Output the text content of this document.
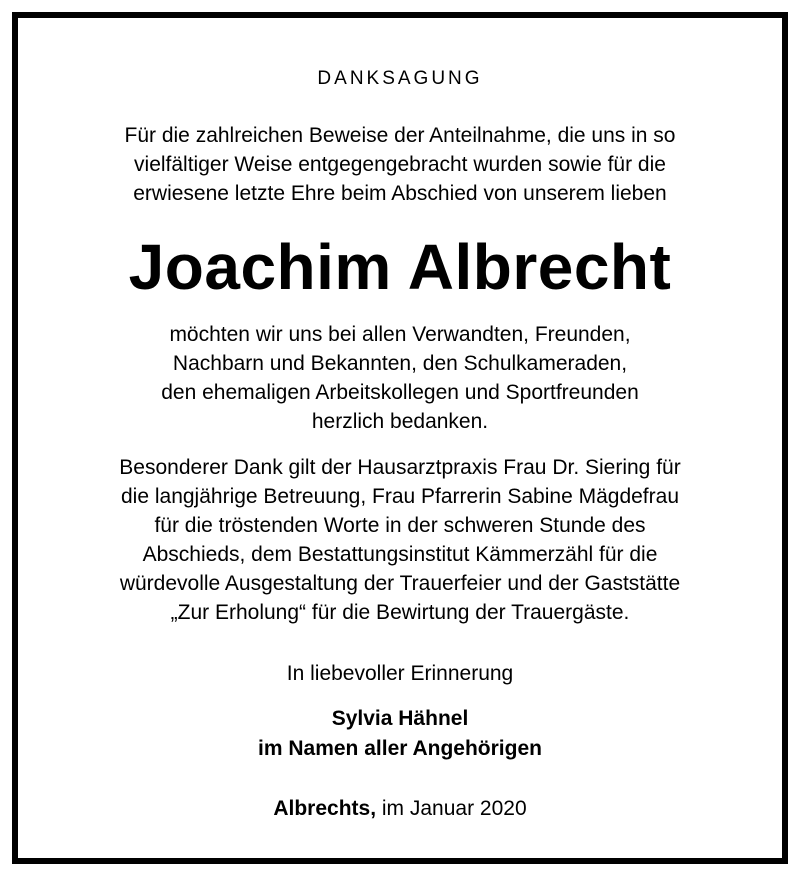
DANKSAGUNG
Für die zahlreichen Beweise der Anteilnahme, die uns in so
vielfältiger Weise entgegengebracht wurden sowie für die
erwiesene letzte Ehre beim Abschied von unserem lieben
Joachim Albrecht
möchten wir uns bei allen Verwandten, Freunden,
Nachbarn und Bekannten, den Schulkameraden,
den ehemaligen Arbeitskollegen und Sportfreunden
herzlich bedanken.
Besonderer Dank gilt der Hausarztpraxis Frau Dr. Siering für
die langjährige Betreuung, Frau Pfarrerin Sabine Mägdefrau
für die tröstenden Worte in der schweren Stunde des
Abschieds, dem Bestattungsinstitut Kämmerzähl für die
würdevolle Ausgestaltung der Trauerfeier und der Gaststätte
„Zur Erholung“ für die Bewirtung der Trauergäste.
In liebevoller Erinnerung
Sylvia Hähnel
im Namen aller Angehörigen
Albrechts, im Januar 2020
